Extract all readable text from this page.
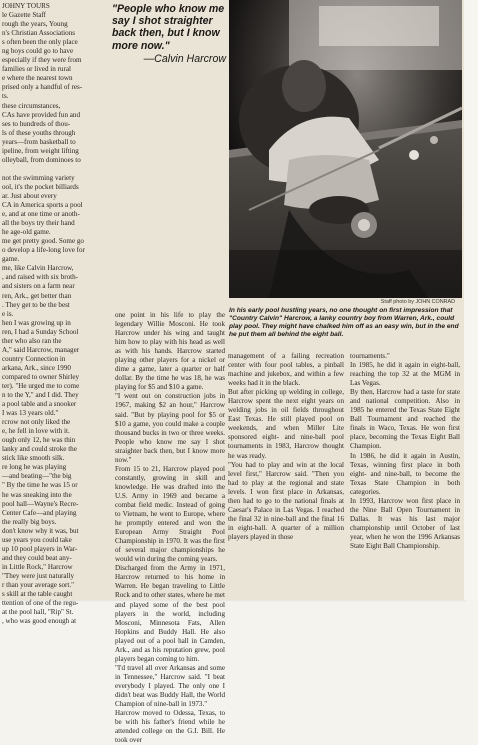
JOHNY TOURS

le Gazette Staff

rough the years, Young

n's Christian Associations

s often been the only place

ng boys could go to have

especially if they were from

families or lived in rural

e where the nearest town

prised only a handful of res-

ts.

these circumstances,

CAs have provided fun and

ses to hundreds of thou-

ls of these youths through

years—from basketball to

ipeline, from weight lifting

olleyball, from dominoes to

not the swimming variety

ool, it's the pocket billiards

ar. Just about every

CA in America sports a pool

e, and at one time or anoth-

all the boys try their hand

he age-old game.

me get pretty good. Some go

o develop a life-long love for

game.

me, like Calvin Harcrow,

, and raised with six broth-

and sisters on a farm near

ren, Ark., get better than

. They get to be the best

e is.

hen I was growing up in

ren, I had a Sunday School

ther who also ran the

A," said Harcrow, manager

country Connection in

arkana, Ark., since 1990

compared to owner Shirley

ter). "He urged me to come

n to the Y," and I did. They

a pool table and a snooker

I was 13 years old."

rcrow not only liked the

e, he fell in love with it.

ough only 12, he was thin

lanky and could stroke the

stick like smooth silk.

re long he was playing

—and beating—"the big

" By the time he was 15 or

he was sneaking into the

pool hall—Wayne's Recre-

Center Cafe—and playing

the really big boys.

don't know why it was, but

use years you could take

up 10 pool players in War-

and they could beat any-

in Little Rock," Harcrow

"They were just naturally

r than your average sort."

s skill at the table caught

ttention of one of the regu-

at the pool hall, "Rip" St.

, who was good enough at

"People who know me say I shot straighter back then, but I know more now."
—Calvin Harcrow

one point in his life to play the legendary Willie Mosconi. He took Harcrow under his wing and taught him how to play with his head as well as with his hands. Harcrow started playing other players for a nickel or dime a game, later a quarter or half dollar. By the time he was 18, he was playing for $5 and $10 a game.

"I went out on construction jobs in 1967, making $2 an hour," Harcrow said. "But by playing pool for $5 or $10 a game, you could make a couple thousand bucks in two or three weeks. People who know me say I shot straighter back then, but I know more now."

From 15 to 21, Harcrow played pool constantly, growing in skill and knowledge. He was drafted into the U.S. Army in 1969 and became a combat field medic. Instead of going to Vietnam, he went to Europe, where he promptly entered and won the European Army Straight Pool Championship in 1970. It was the first of several major championships he would win during the coming years.

Discharged from the Army in 1971, Harcrow returned to his home in Warren. He began traveling to Little Rock and to other states, where he met and played some of the best pool players in the world, including Mosconi, Minnesota Fats, Allen Hopkins and Buddy Hall. He also played out of a pool hall in Camden, Ark., and as his reputation grew, pool players began coming to him.

"I'd travel all over Arkansas and some in Tennessee," Harcrow said. "I beat everybody I played. The only one I didn't beat was Buddy Hall, the World Champion of nine-ball in 1973."

Harcrow moved to Odessa, Texas, to be with his father's friend while he attended college on the G.I. Bill. He took over

Staff photo by JOHN CONRAD
In his early pool hustling years, no one thought on first impression that "Country Calvin" Harcrow, a lanky country boy from Warren, Ark., could play pool. They might have chalked him off as an easy win, but in the end he put them all behind the eight ball.

management of a failing recreation center with four pool tables, a pinball machine and jukebox, and within a few weeks had it in the black.

But after picking up welding in college, Harcrow spent the next eight years on welding jobs in oil fields throughout East Texas. He still played pool on weekends, and when Miller Lite sponsored eight- and nine-ball pool tournaments in 1983, Harcrow thought he was ready.

"You had to play and win at the local level first," Harcrow said. "Then you had to play at the regional and state levels. I won first place in Arkansas, then had to go to the national finals at Caesar's Palace in Las Vegas. I reached the final 32 in nine-ball and the final 16 in eight-ball. A quarter of a million players played in those

tournaments."

In 1985, he did it again in eight-ball, reaching the top 32 at the MGM in Las Vegas.

By then, Harcrow had a taste for state and national competition. Also in 1985 he entered the Texas State Eight Ball Tournament and reached the finals in Waco, Texas. He won first place, becoming the Texas Eight Ball Champion.

In 1986, he did it again in Austin, Texas, winning first place in both eight- and nine-ball, to become the Texas State Champion in both categories.

In 1993, Harcrow won first place in the Nine Ball Open Tournament in Dallas. It was his last major championship until October of last year, when he won the 1996 Arkansas State Eight Ball Championship.
